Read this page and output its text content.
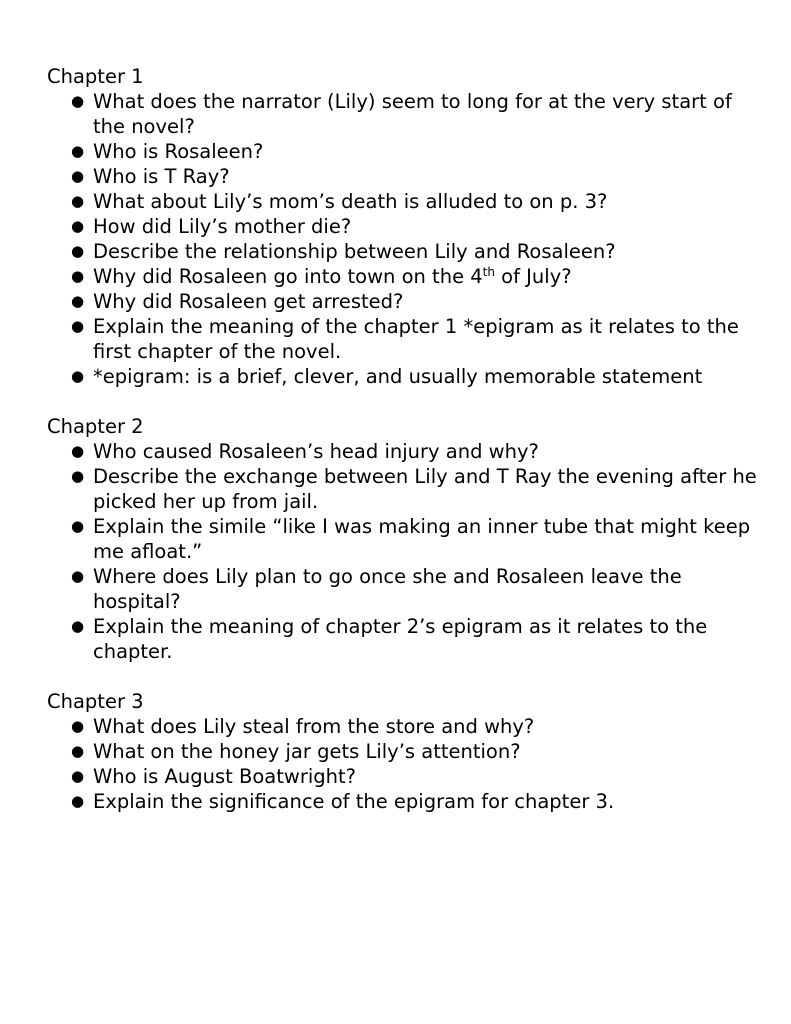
Chapter 1

● What does the narrator (Lily) seem to long for at the very start of the novel?
● Who is Rosaleen?
● Who is T Ray?
● What about Lily’s mom’s death is alluded to on p. 3?
● How did Lily’s mother die?
● Describe the relationship between Lily and Rosaleen?
● Why did Rosaleen go into town on the 4th of July?
● Why did Rosaleen get arrested?
● Explain the meaning of the chapter 1 *epigram as it relates to the first chapter of the novel.
● *epigram: is a brief, clever, and usually memorable statement

Chapter 2

● Who caused Rosaleen’s head injury and why?
● Describe the exchange between Lily and T Ray the evening after he picked her up from jail.
● Explain the simile “like I was making an inner tube that might keep me afloat.”
● Where does Lily plan to go once she and Rosaleen leave the hospital?
● Explain the meaning of chapter 2’s epigram as it relates to the chapter.

Chapter 3

● What does Lily steal from the store and why?
● What on the honey jar gets Lily’s attention?
● Who is August Boatwright?
● Explain the significance of the epigram for chapter 3.
